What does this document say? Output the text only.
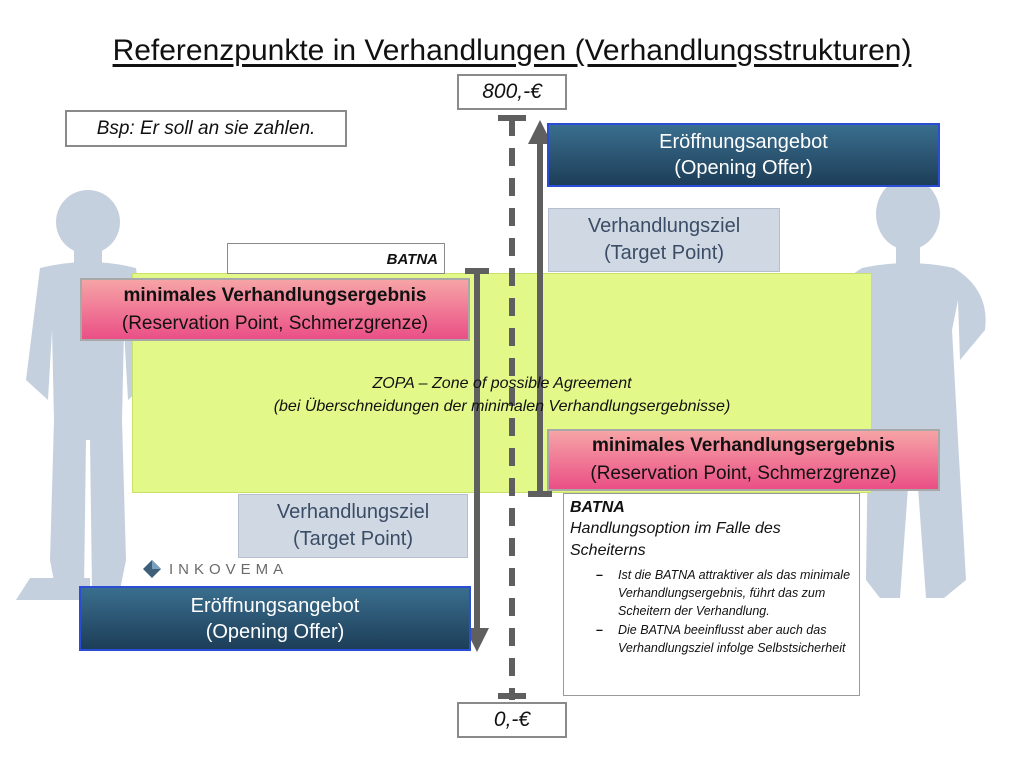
Referenzpunkte in Verhandlungen (Verhandlungsstrukturen)
800,-€
0,-€
Bsp: Er soll an sie zahlen.
Eröffnungsangebot
(Opening Offer)
Verhandlungsziel
(Target Point)
minimales Verhandlungsergebnis
(Reservation Point, Schmerzgrenze)
BATNA
minimales Verhandlungsergebnis
(Reservation Point, Schmerzgrenze)
ZOPA – Zone of possible Agreement
(bei Überschneidungen der minimalen Verhandlungsergebnisse)
Verhandlungsziel
(Target Point)
Eröffnungsangebot
(Opening Offer)
INKOVEMA
BATNA
Handlungsoption im Falle des Scheiterns
– Ist die BATNA attraktiver als das minimale Verhandlungsergebnis, führt das zum Scheitern der Verhandlung.
– Die BATNA beeinflusst aber auch das Verhandlungsziel infolge Selbstsicherheit
